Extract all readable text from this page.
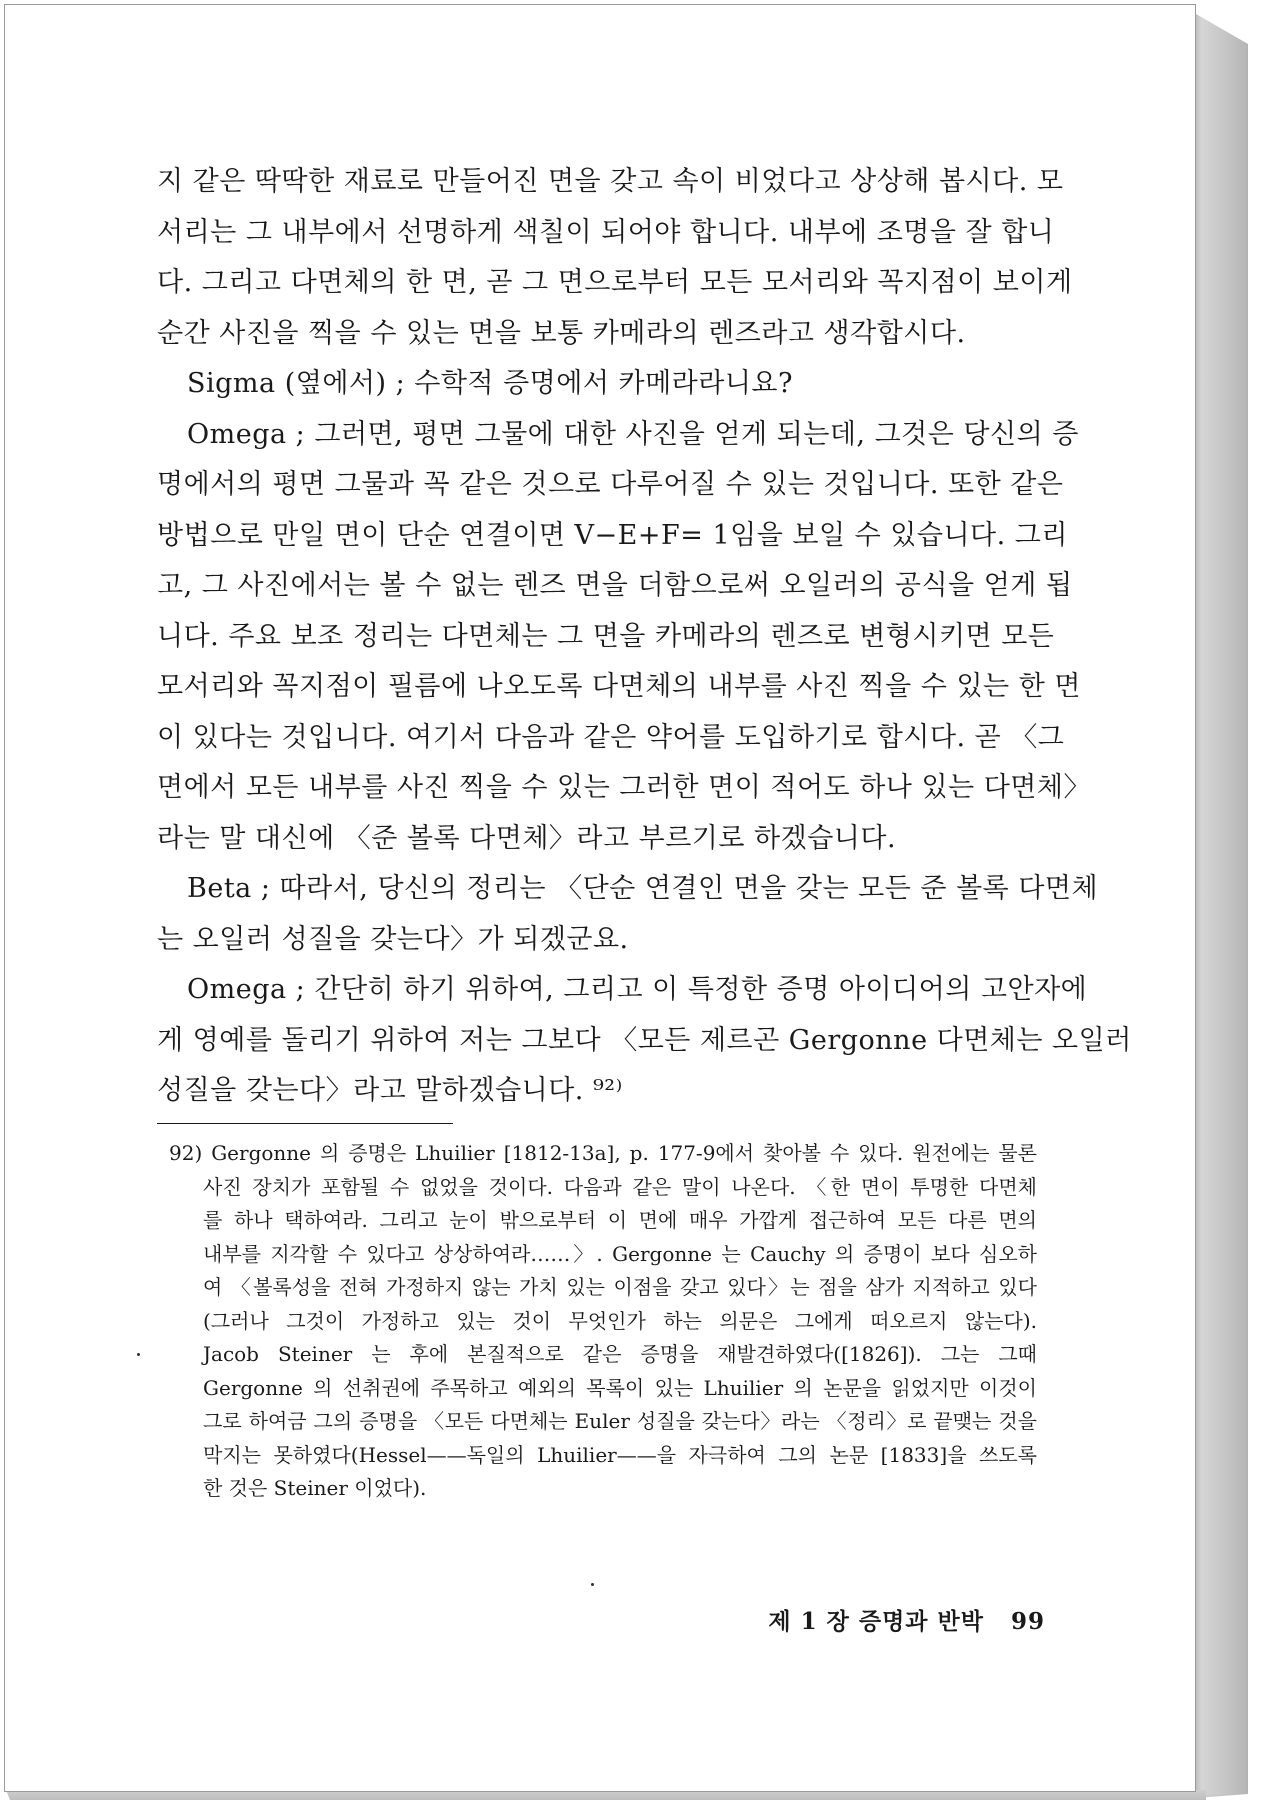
지 같은 딱딱한 재료로 만들어진 면을 갖고 속이 비었다고 상상해 봅시다. 모
서리는 그 내부에서 선명하게 색칠이 되어야 합니다. 내부에 조명을 잘 합니
다. 그리고 다면체의 한 면, 곧 그 면으로부터 모든 모서리와 꼭지점이 보이게
순간 사진을 찍을 수 있는 면을 보통 카메라의 렌즈라고 생각합시다.
Sigma (옆에서) ; 수학적 증명에서 카메라라니요?
Omega ; 그러면, 평면 그물에 대한 사진을 얻게 되는데, 그것은 당신의 증
명에서의 평면 그물과 꼭 같은 것으로 다루어질 수 있는 것입니다. 또한 같은
방법으로 만일 면이 단순 연결이면 V−E+F= 1임을 보일 수 있습니다. 그리
고, 그 사진에서는 볼 수 없는 렌즈 면을 더함으로써 오일러의 공식을 얻게 됩
니다. 주요 보조 정리는 다면체는 그 면을 카메라의 렌즈로 변형시키면 모든
모서리와 꼭지점이 필름에 나오도록 다면체의 내부를 사진 찍을 수 있는 한 면
이 있다는 것입니다. 여기서 다음과 같은 약어를 도입하기로 합시다. 곧 〈그
면에서 모든 내부를 사진 찍을 수 있는 그러한 면이 적어도 하나 있는 다면체〉
라는 말 대신에 〈준 볼록 다면체〉라고 부르기로 하겠습니다.
Beta ; 따라서, 당신의 정리는 〈단순 연결인 면을 갖는 모든 준 볼록 다면체
는 오일러 성질을 갖는다〉가 되겠군요.
Omega ; 간단히 하기 위하여, 그리고 이 특정한 증명 아이디어의 고안자에
게 영예를 돌리기 위하여 저는 그보다 〈모든 제르곤 Gergonne 다면체는 오일러
성질을 갖는다〉라고 말하겠습니다. ⁹²⁾
92) Gergonne 의 증명은 Lhuilier [1812-13a], p. 177-9에서 찾아볼 수 있다. 원전에는 물론
사진 장치가 포함될 수 없었을 것이다. 다음과 같은 말이 나온다. 〈한 면이 투명한 다면체
를 하나 택하여라. 그리고 눈이 밖으로부터 이 면에 매우 가깝게 접근하여 모든 다른 면의
내부를 지각할 수 있다고 상상하여라……〉. Gergonne 는 Cauchy 의 증명이 보다 심오하
여 〈볼록성을 전혀 가정하지 않는 가치 있는 이점을 갖고 있다〉는 점을 삼가 지적하고 있다
(그러나 그것이 가정하고 있는 것이 무엇인가 하는 의문은 그에게 떠오르지 않는다).
Jacob Steiner 는 후에 본질적으로 같은 증명을 재발견하였다([1826]). 그는 그때
Gergonne 의 선취권에 주목하고 예외의 목록이 있는 Lhuilier 의 논문을 읽었지만 이것이
그로 하여금 그의 증명을 〈모든 다면체는 Euler 성질을 갖는다〉라는 〈정리〉로 끝맺는 것을
막지는 못하였다(Hessel——독일의 Lhuilier——을 자극하여 그의 논문 [1833]을 쓰도록
한 것은 Steiner 이었다).
제 1 장 증명과 반박 99
